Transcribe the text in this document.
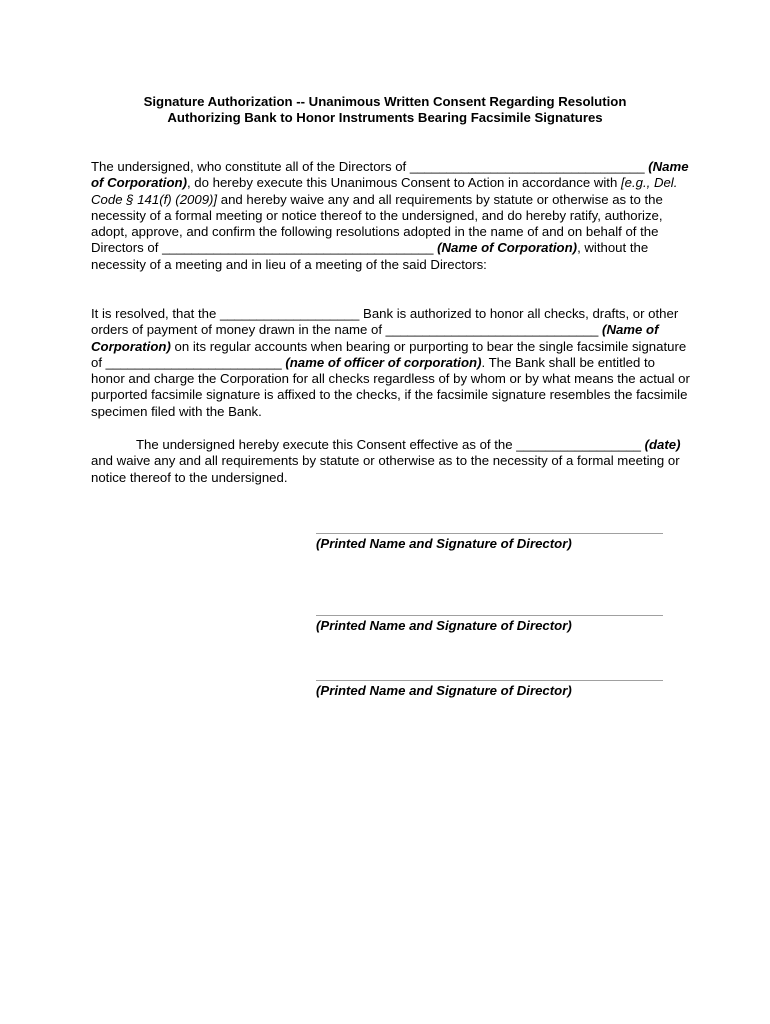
Signature Authorization -- Unanimous Written Consent Regarding Resolution
Authorizing Bank to Honor Instruments Bearing Facsimile Signatures
The undersigned, who constitute all of the Directors of ________________________________ (Name of Corporation), do hereby execute this Unanimous Consent to Action in accordance with [e.g., Del. Code § 141(f) (2009)] and hereby waive any and all requirements by statute or otherwise as to the necessity of a formal meeting or notice thereof to the undersigned, and do hereby ratify, authorize, adopt, approve, and confirm the following resolutions adopted in the name of and on behalf of the Directors of _____________________________________ (Name of Corporation), without the necessity of a meeting and in lieu of a meeting of the said Directors:
It is resolved, that the ___________________ Bank is authorized to honor all checks, drafts, or other orders of payment of money drawn in the name of _____________________________ (Name of Corporation) on its regular accounts when bearing or purporting to bear the single facsimile signature of ________________________ (name of officer of corporation). The Bank shall be entitled to honor and charge the Corporation for all checks regardless of by whom or by what means the actual or purported facsimile signature is affixed to the checks, if the facsimile signature resembles the facsimile specimen filed with the Bank.
The undersigned hereby execute this Consent effective as of the _________________ (date) and waive any and all requirements by statute or otherwise as to the necessity of a formal meeting or notice thereof to the undersigned.
(Printed Name and Signature of Director)
(Printed Name and Signature of Director)
(Printed Name and Signature of Director)
